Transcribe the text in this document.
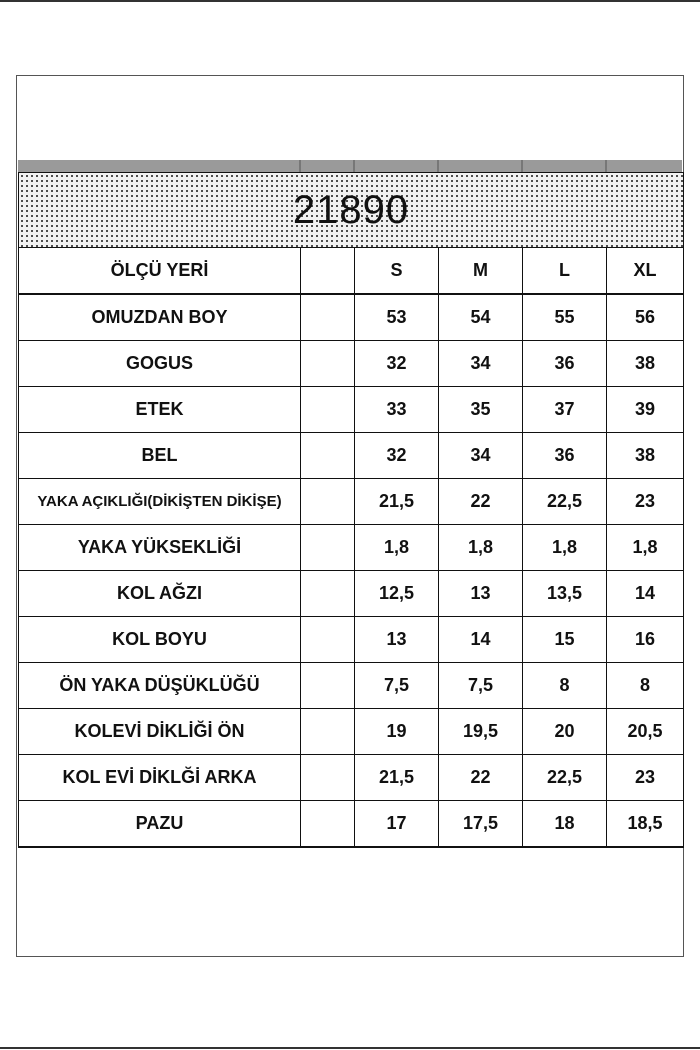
21890					
ÖLÇÜ YERİ		S	M	L	XL
OMUZDAN BOY		53	54	55	56
GOGUS		32	34	36	38
ETEK		33	35	37	39
BEL		32	34	36	38
YAKA AÇIKLIĞI(DİKİŞTEN DİKİŞE)		21,5	22	22,5	23
YAKA YÜKSEKLİĞİ		1,8	1,8	1,8	1,8
KOL AĞZI		12,5	13	13,5	14
KOL BOYU		13	14	15	16
ÖN YAKA DÜŞÜKLÜĞÜ		7,5	7,5	8	8
KOLEVİ DİKLİĞİ ÖN		19	19,5	20	20,5
KOL EVİ DİKLĞİ ARKA		21,5	22	22,5	23
PAZU		17	17,5	18	18,5
